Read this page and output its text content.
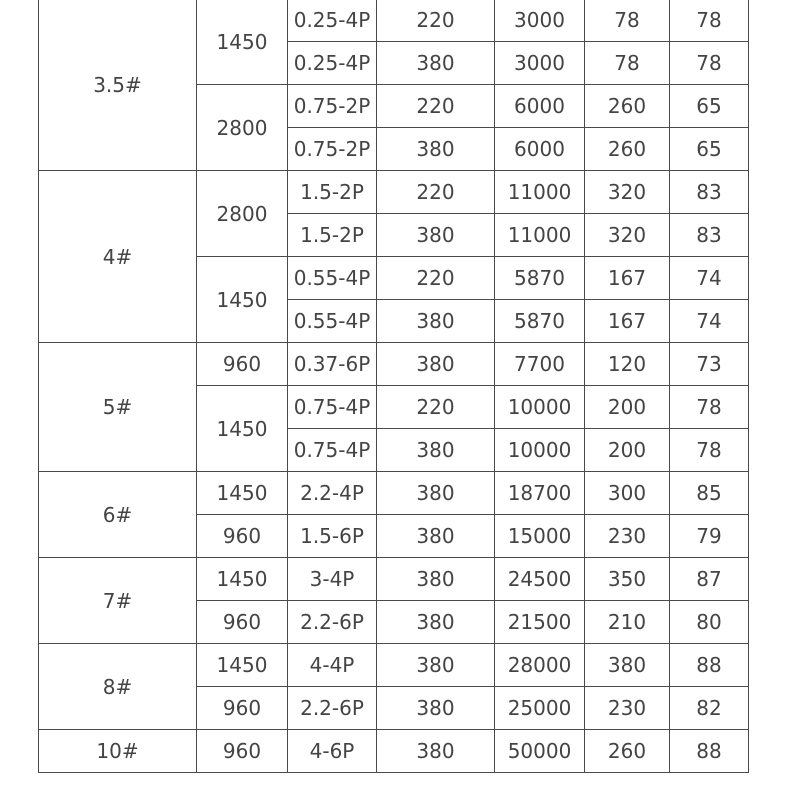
3.5#	1450	0.25-4P	220	3000	78	78
		0.25-4P	380	3000	78	78
	2800	0.75-2P	220	6000	260	65
		0.75-2P	380	6000	260	65
4#	2800	1.5-2P	220	11000	320	83
		1.5-2P	380	11000	320	83
	1450	0.55-4P	220	5870	167	74
		0.55-4P	380	5870	167	74
5#	960	0.37-6P	380	7700	120	73
	1450	0.75-4P	220	10000	200	78
		0.75-4P	380	10000	200	78
6#	1450	2.2-4P	380	18700	300	85
	960	1.5-6P	380	15000	230	79
7#	1450	3-4P	380	24500	350	87
	960	2.2-6P	380	21500	210	80
8#	1450	4-4P	380	28000	380	88
	960	2.2-6P	380	25000	230	82
10#	960	4-6P	380	50000	260	88
